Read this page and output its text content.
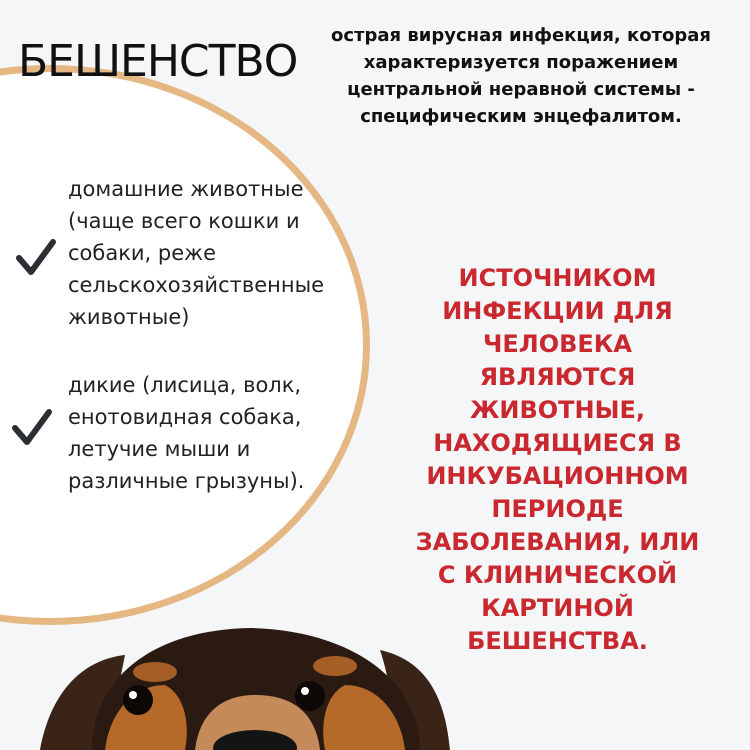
БЕШЕНСТВО
острая вирусная инфекция, которая характеризуется поражением центральной неравной системы - специфическим энцефалитом.
домашние животные (чаще всего кошки и собаки, реже сельскохозяйственные животные)
дикие (лисица, волк, енотовидная собака, летучие мыши и различные грызуны).
ИСТОЧНИКОМ ИНФЕКЦИИ ДЛЯ ЧЕЛОВЕКА ЯВЛЯЮТСЯ ЖИВОТНЫЕ, НАХОДЯЩИЕСЯ В ИНКУБАЦИОННОМ ПЕРИОДЕ ЗАБОЛЕВАНИЯ, ИЛИ С КЛИНИЧЕСКОЙ КАРТИНОЙ БЕШЕНСТВА.
